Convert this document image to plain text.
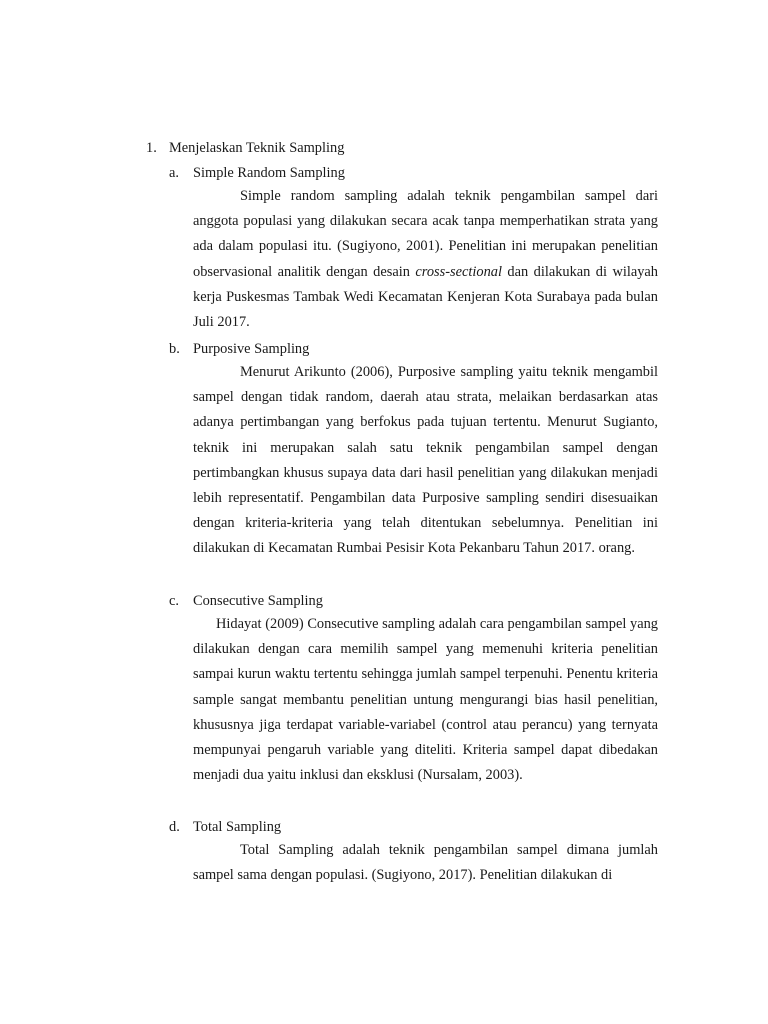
1. Menjelaskan Teknik Sampling
a. Simple Random Sampling
Simple random sampling adalah teknik pengambilan sampel dari anggota populasi yang dilakukan secara acak tanpa memperhatikan strata yang ada dalam populasi itu. (Sugiyono, 2001). Penelitian ini merupakan penelitian observasional analitik dengan desain cross-sectional dan dilakukan di wilayah kerja Puskesmas Tambak Wedi Kecamatan Kenjeran Kota Surabaya pada bulan Juli 2017.
b. Purposive Sampling
Menurut Arikunto (2006), Purposive sampling yaitu teknik mengambil sampel dengan tidak random, daerah atau strata, melaikan berdasarkan atas adanya pertimbangan yang berfokus pada tujuan tertentu. Menurut Sugianto, teknik ini merupakan salah satu teknik pengambilan sampel dengan pertimbangkan khusus supaya data dari hasil penelitian yang dilakukan menjadi lebih representatif. Pengambilan data Purposive sampling sendiri disesuaikan dengan kriteria-kriteria yang telah ditentukan sebelumnya. Penelitian ini dilakukan di Kecamatan Rumbai Pesisir Kota Pekanbaru Tahun 2017. orang.
c. Consecutive Sampling
Hidayat (2009) Consecutive sampling adalah cara pengambilan sampel yang dilakukan dengan cara memilih sampel yang memenuhi kriteria penelitian sampai kurun waktu tertentu sehingga jumlah sampel terpenuhi. Penentu kriteria sample sangat membantu penelitian untung mengurangi bias hasil penelitian, khususnya jiga terdapat variable-variabel (control atau perancu) yang ternyata mempunyai pengaruh variable yang diteliti. Kriteria sampel dapat dibedakan menjadi dua yaitu inklusi dan eksklusi (Nursalam, 2003).
d. Total Sampling
Total Sampling adalah teknik pengambilan sampel dimana jumlah sampel sama dengan populasi. (Sugiyono, 2017). Penelitian dilakukan di
